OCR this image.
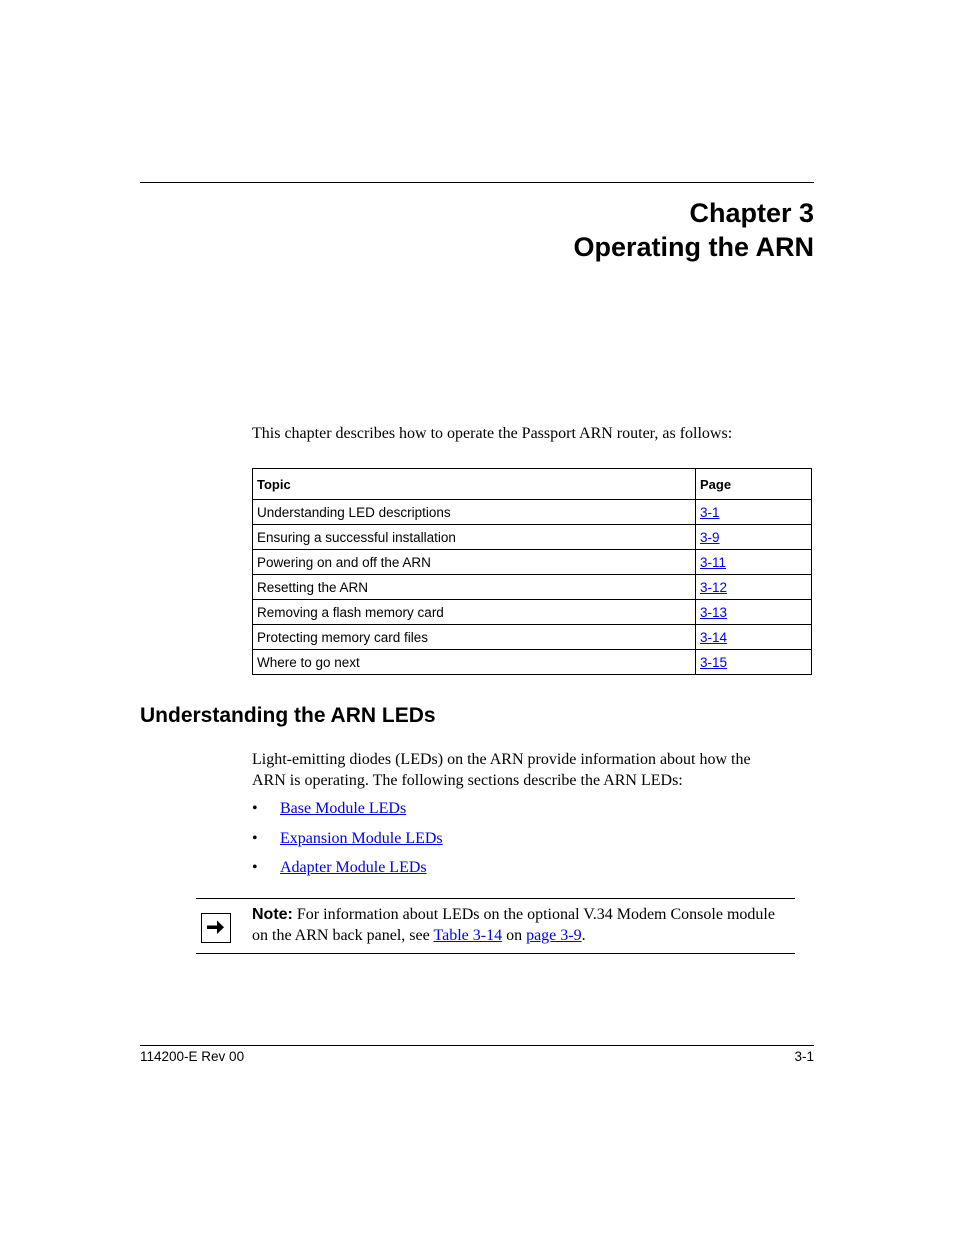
Chapter 3
Operating the ARN
This chapter describes how to operate the Passport ARN router, as follows:
Topic	Page
Understanding LED descriptions	3-1
Ensuring a successful installation	3-9
Powering on and off the ARN	3-11
Resetting the ARN	3-12
Removing a flash memory card	3-13
Protecting memory card files	3-14
Where to go next	3-15
Understanding the ARN LEDs
Light-emitting diodes (LEDs) on the ARN provide information about how the
ARN is operating. The following sections describe the ARN LEDs:
• Base Module LEDs
• Expansion Module LEDs
• Adapter Module LEDs
Note: For information about LEDs on the optional V.34 Modem Console module on the ARN back panel, see Table 3-14 on page 3-9.
114200-E Rev 00	3-1
